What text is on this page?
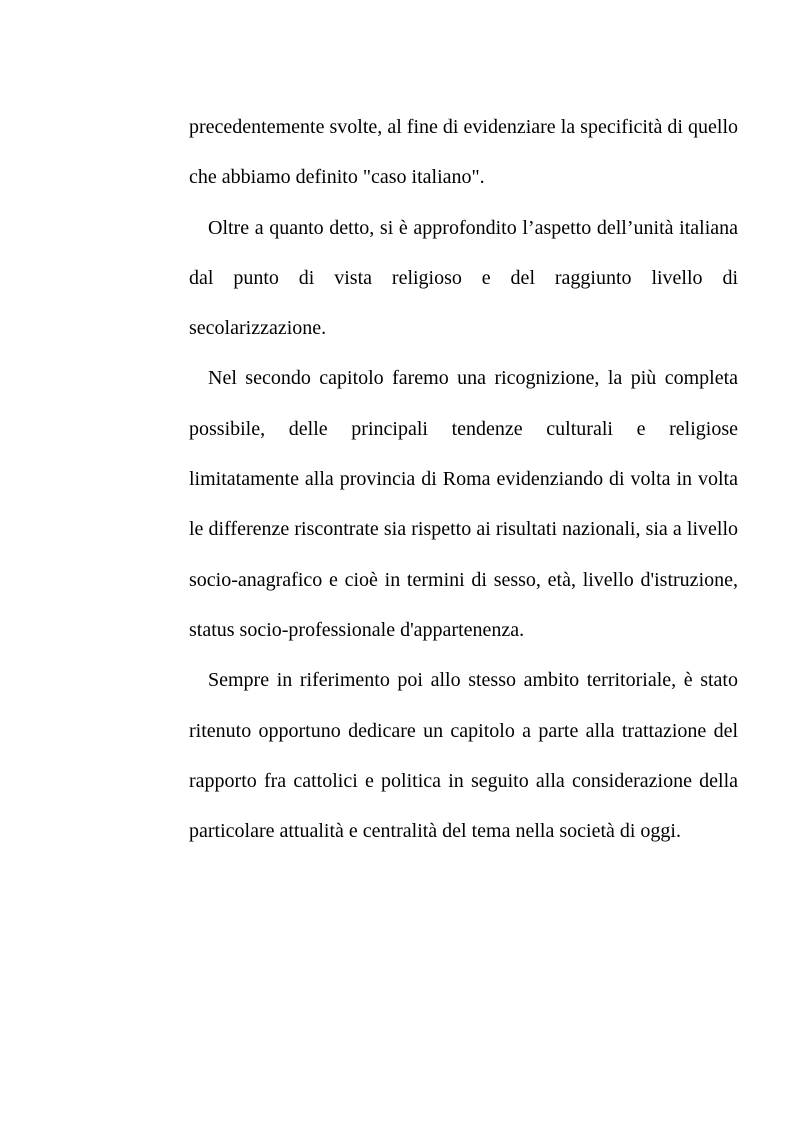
precedentemente svolte, al fine di evidenziare la specificità di quello che abbiamo definito "caso italiano".

Oltre a quanto detto, si è approfondito l’aspetto dell’unità italiana dal punto di vista religioso e del raggiunto livello di secolarizzazione.

Nel secondo capitolo faremo una ricognizione, la più completa possibile, delle principali tendenze culturali e religiose limitatamente alla provincia di Roma evidenziando di volta in volta le differenze riscontrate sia rispetto ai risultati nazionali, sia a livello socio-anagrafico e cioè in termini di sesso, età, livello d'istruzione, status socio-professionale d'appartenenza.

Sempre in riferimento poi allo stesso ambito territoriale, è stato ritenuto opportuno dedicare un capitolo a parte alla trattazione del rapporto fra cattolici e politica in seguito alla considerazione della particolare attualità e centralità del tema nella società di oggi.
